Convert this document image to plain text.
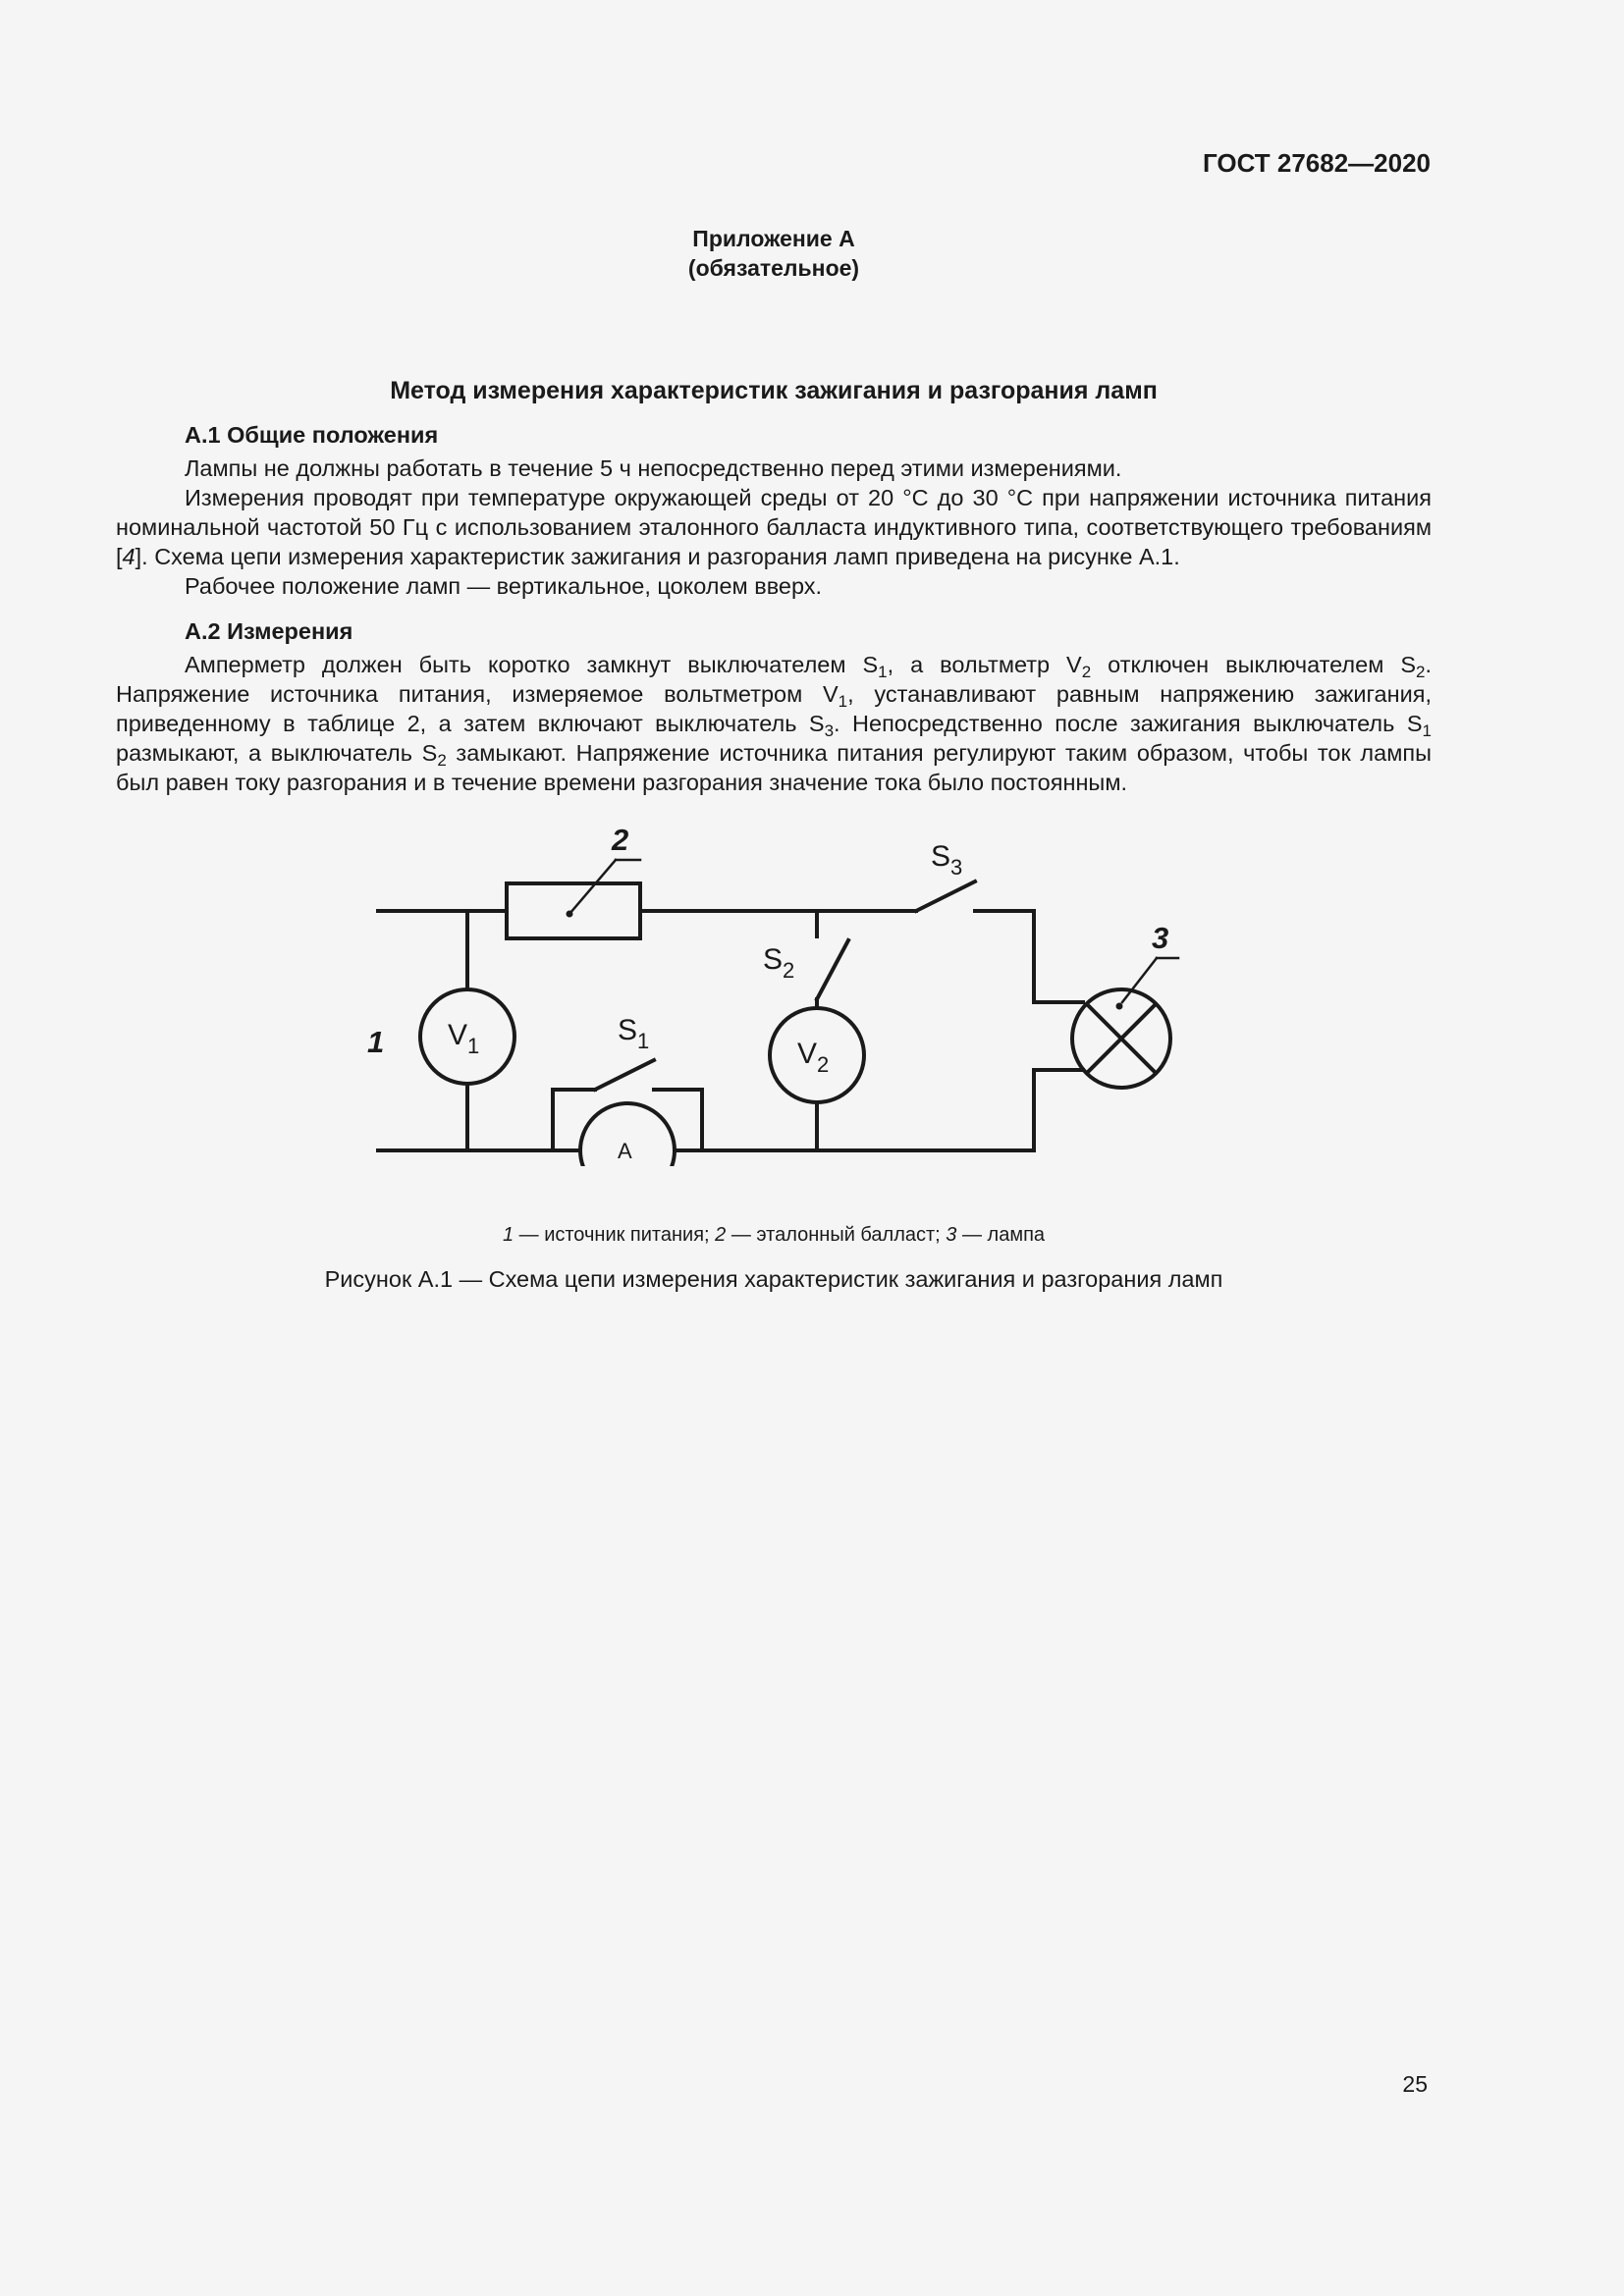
ГОСТ 27682—2020

Приложение А
(обязательное)
Метод измерения характеристик зажигания и разгорания ламп
А.1 Общие положения

Лампы не должны работать в течение 5 ч непосредственно перед этими измерениями.

Измерения проводят при температуре окружающей среды от 20 °С до 30 °С при напряжении источника питания номинальной частотой 50 Гц с использованием эталонного балласта индуктивного типа, соответствующего требованиям [4]. Схема цепи измерения характеристик зажигания и разгорания ламп приведена на рисунке А.1.

Рабочее положение ламп — вертикальное, цоколем вверх.

А.2 Измерения

Амперметр должен быть коротко замкнут выключателем $S_1$, а вольтметр $V_2$ отключен выключателем $S_2$. Напряжение источника питания, измеряемое вольтметром $V_1$, устанавливают равным напряжению зажигания, приведенному в таблице 2, а затем включают выключатель $S_3$. Непосредственно после зажигания выключатель $S_1$ размыкают, а выключатель $S_2$ замыкают. Напряжение источника питания регулируют таким образом, чтобы ток лампы был равен току разгорания и в течение времени разгорания значение тока было постоянным.

2
3
1
$S_3$
$S_2$
$S_1$
$V_1$	$V_2$
A
1 — источник питания; 2 — эталонный балласт; 3 — лампа
Рисунок А.1 — Схема цепи измерения характеристик зажигания и разгорания ламп
25
